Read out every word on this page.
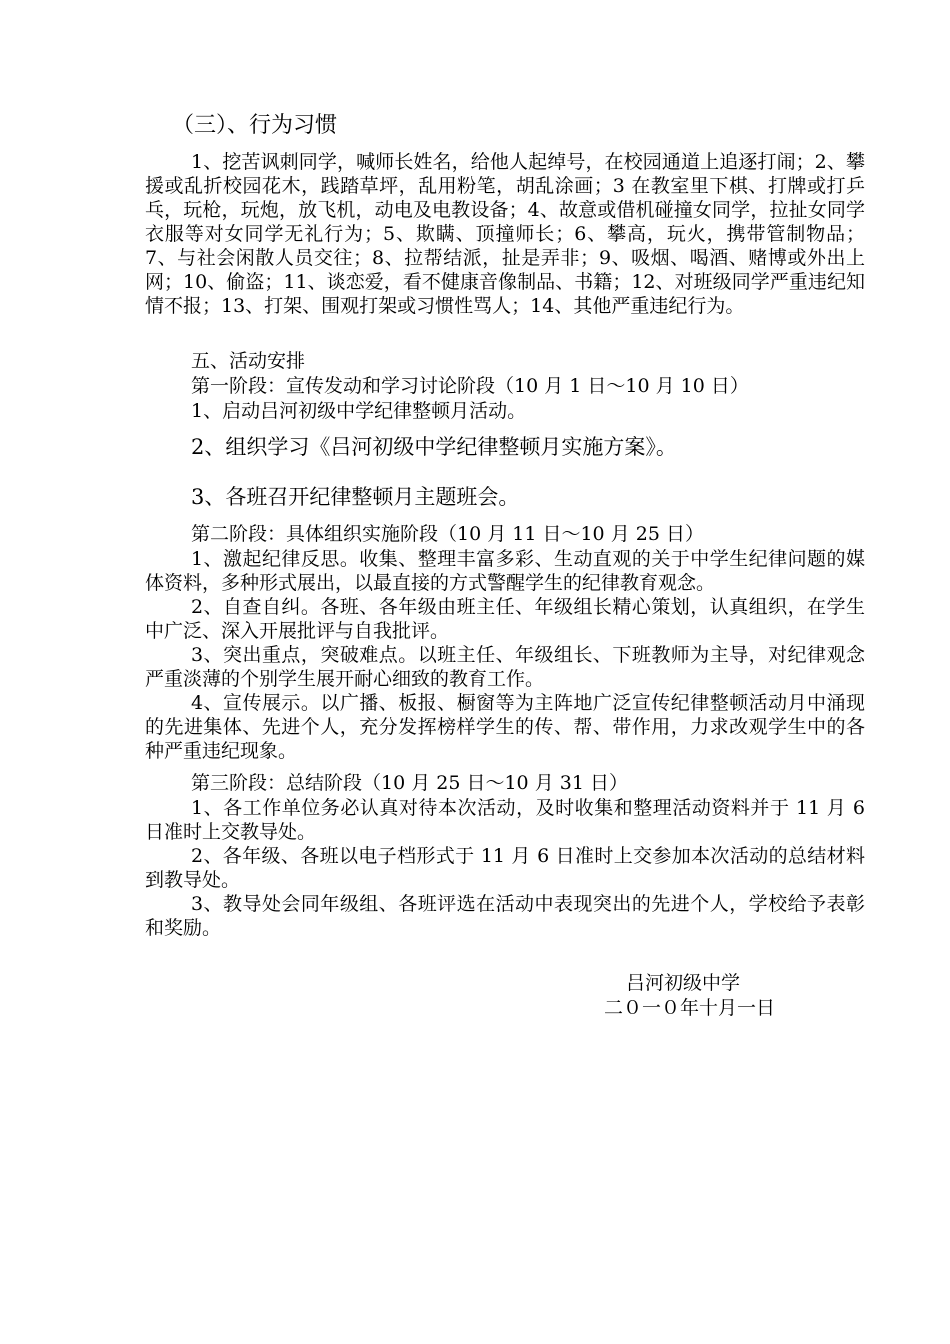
（三）、行为习惯

1、挖苦讽刺同学，喊师长姓名，给他人起绰号，在校园通道上追逐打闹；2、攀援或乱折校园花木，践踏草坪，乱用粉笔，胡乱涂画；3 在教室里下棋、打牌或打乒乓，玩枪，玩炮，放飞机，动电及电教设备；4、故意或借机碰撞女同学，拉扯女同学衣服等对女同学无礼行为；5、欺瞒、顶撞师长；6、攀高，玩火，携带管制物品；7、与社会闲散人员交往；8、拉帮结派，扯是弄非；9、吸烟、喝酒、赌博或外出上网；10、偷盗；11、谈恋爱，看不健康音像制品、书籍；12、对班级同学严重违纪知情不报；13、打架、围观打架或习惯性骂人；14、其他严重违纪行为。

五、活动安排
第一阶段：宣传发动和学习讨论阶段（10 月 1 日～10 月 10 日）
1、启动吕河初级中学纪律整顿月活动。
2、组织学习《吕河初级中学纪律整顿月实施方案》。
3、各班召开纪律整顿月主题班会。
第二阶段：具体组织实施阶段（10 月 11 日～10 月 25 日）

1、激起纪律反思。收集、整理丰富多彩、生动直观的关于中学生纪律问题的媒体资料，多种形式展出，以最直接的方式警醒学生的纪律教育观念。

2、自查自纠。各班、各年级由班主任、年级组长精心策划，认真组织，在学生中广泛、深入开展批评与自我批评。

3、突出重点，突破难点。以班主任、年级组长、下班教师为主导，对纪律观念严重淡薄的个别学生展开耐心细致的教育工作。

4、宣传展示。以广播、板报、橱窗等为主阵地广泛宣传纪律整顿活动月中涌现的先进集体、先进个人，充分发挥榜样学生的传、帮、带作用，力求改观学生中的各种严重违纪现象。

第三阶段：总结阶段（10 月 25 日～10 月 31 日）

1、各工作单位务必认真对待本次活动，及时收集和整理活动资料并于 11 月 6 日准时上交教导处。

2、各年级、各班以电子档形式于 11 月 6 日准时上交参加本次活动的总结材料到教导处。

3、教导处会同年级组、各班评选在活动中表现突出的先进个人，学校给予表彰和奖励。

吕河初级中学
二０一０年十月一日
